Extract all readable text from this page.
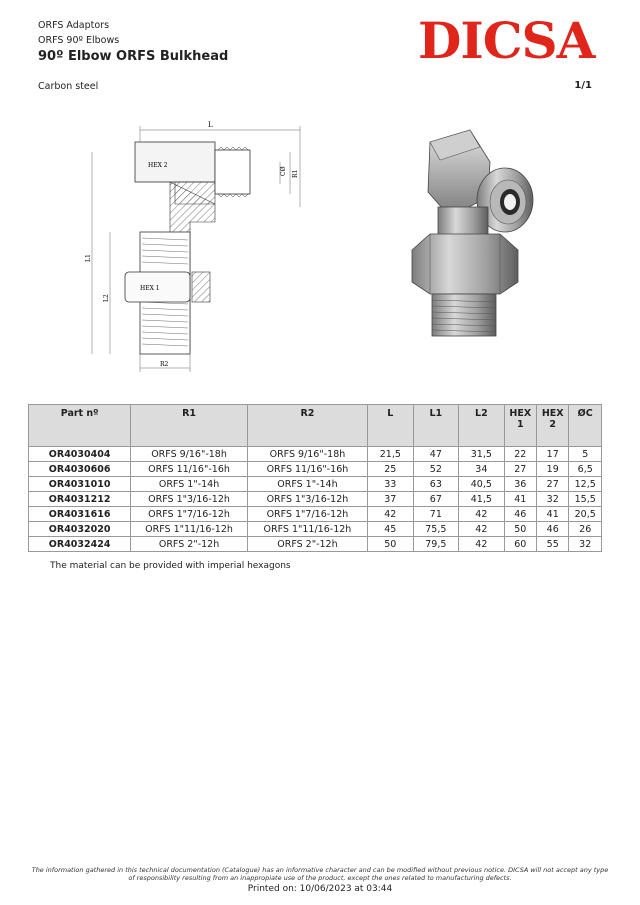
ORFS Adaptors
ORFS 90º Elbows
90º Elbow ORFS Bulkhead	DICSA
Carbon steel	1/1
L
HEX 2
CØ R1
HEX 1
L1
L2
R2
Part nº	R1	R2	L	L1	L2	HEX 1	HEX 2	ØC
OR4030404	ORFS 9/16"-18h	ORFS 9/16"-18h	21,5	47	31,5	22	17	5
OR4030606	ORFS 11/16"-16h	ORFS 11/16"-16h	25	52	34	27	19	6,5
OR4031010	ORFS 1"-14h	ORFS 1"-14h	33	63	40,5	36	27	12,5
OR4031212	ORFS 1"3/16-12h	ORFS 1"3/16-12h	37	67	41,5	41	32	15,5
OR4031616	ORFS 1"7/16-12h	ORFS 1"7/16-12h	42	71	42	46	41	20,5
OR4032020	ORFS 1"11/16-12h	ORFS 1"11/16-12h	45	75,5	42	50	46	26
OR4032424	ORFS 2"-12h	ORFS 2"-12h	50	79,5	42	60	55	32
The material can be provided with imperial hexagons
The information gathered in this technical documentation (Catalogue) has an informative character and can be modified without previous notice. DICSA will not accept any type of responsibility resulting from an inappropiate use of the product, except the ones related to manufacturing defects.
Printed on: 10/06/2023 at 03:44
